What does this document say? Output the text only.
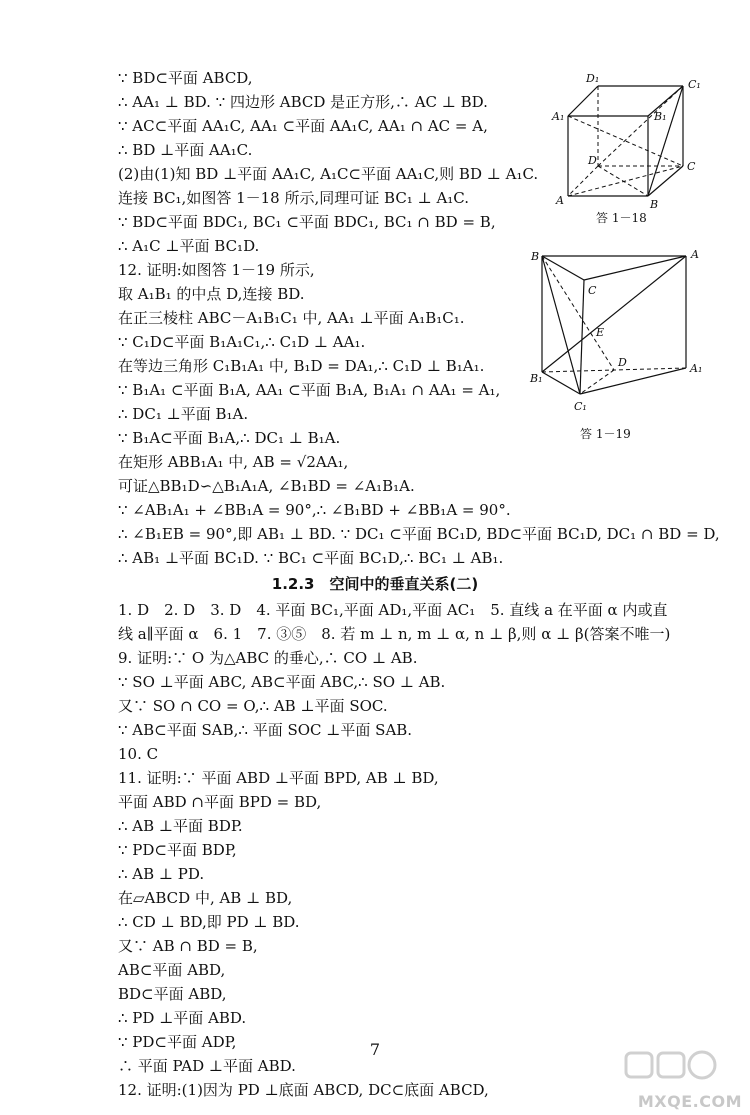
∵ BD⊂平面 ABCD,

∴ AA₁ ⊥ BD. ∵ 四边形 ABCD 是正方形,∴ AC ⊥ BD.

∵ AC⊂平面 AA₁C, AA₁ ⊂平面 AA₁C, AA₁ ∩ AC = A,

∴ BD ⊥平面 AA₁C.

(2)由(1)知 BD ⊥平面 AA₁C, A₁C⊂平面 AA₁C,则 BD ⊥ A₁C.

连接 BC₁,如图答 1－18 所示,同理可证 BC₁ ⊥ A₁C.

∵ BD⊂平面 BDC₁, BC₁ ⊂平面 BDC₁, BC₁ ∩ BD = B,

∴ A₁C ⊥平面 BC₁D.

12. 证明:如图答 1－19 所示,

取 A₁B₁ 的中点 D,连接 BD.

在正三棱柱 ABC－A₁B₁C₁ 中, AA₁ ⊥平面 A₁B₁C₁.

∵ C₁D⊂平面 B₁A₁C₁,∴ C₁D ⊥ AA₁.

在等边三角形 C₁B₁A₁ 中, B₁D = DA₁,∴ C₁D ⊥ B₁A₁.

∵ B₁A₁ ⊂平面 B₁A, AA₁ ⊂平面 B₁A, B₁A₁ ∩ AA₁ = A₁,

∴ DC₁ ⊥平面 B₁A.

∵ B₁A⊂平面 B₁A,∴ DC₁ ⊥ B₁A.

在矩形 ABB₁A₁ 中, AB = √2AA₁,

可证△BB₁D∽△B₁A₁A, ∠B₁BD = ∠A₁B₁A.

∵ ∠AB₁A₁ + ∠BB₁A = 90°,∴ ∠B₁BD + ∠BB₁A = 90°.

∴ ∠B₁EB = 90°,即 AB₁ ⊥ BD. ∵ DC₁ ⊂平面 BC₁D, BD⊂平面 BC₁D, DC₁ ∩ BD = D,

∴ AB₁ ⊥平面 BC₁D. ∵ BC₁ ⊂平面 BC₁D,∴ BC₁ ⊥ AB₁.

1.2.3　空间中的垂直关系(二)

1. D　2. D　3. D　4. 平面 BC₁,平面 AD₁,平面 AC₁　5. 直线 a 在平面 α 内或直

线 a∥平面 α　6. 1　7. ③⑤　8. 若 m ⊥ n, m ⊥ α, n ⊥ β,则 α ⊥ β(答案不唯一)

9. 证明:∵ O 为△ABC 的垂心,∴ CO ⊥ AB.

∵ SO ⊥平面 ABC, AB⊂平面 ABC,∴ SO ⊥ AB.

又∵ SO ∩ CO = O,∴ AB ⊥平面 SOC.

∵ AB⊂平面 SAB,∴ 平面 SOC ⊥平面 SAB.

10. C

11. 证明:∵ 平面 ABD ⊥平面 BPD, AB ⊥ BD,

平面 ABD ∩平面 BPD = BD,

∴ AB ⊥平面 BDP.

∵ PD⊂平面 BDP,

∴ AB ⊥ PD.

在▱ABCD 中, AB ⊥ BD,

∴ CD ⊥ BD,即 PD ⊥ BD.

又∵ AB ∩ BD = B,

AB⊂平面 ABD,

BD⊂平面 ABD,

∴ PD ⊥平面 ABD.

∵ PD⊂平面 ADP,

∴ 平面 PAD ⊥平面 ABD.

12. 证明:(1)因为 PD ⊥底面 ABCD, DC⊂底面 ABCD,

D₁	C₁
A₁	B₁
D	C
A	B
答 1－18
B	A
C
E
D
B₁
A₁
C₁
答 1－19
7
MXQE.COM
